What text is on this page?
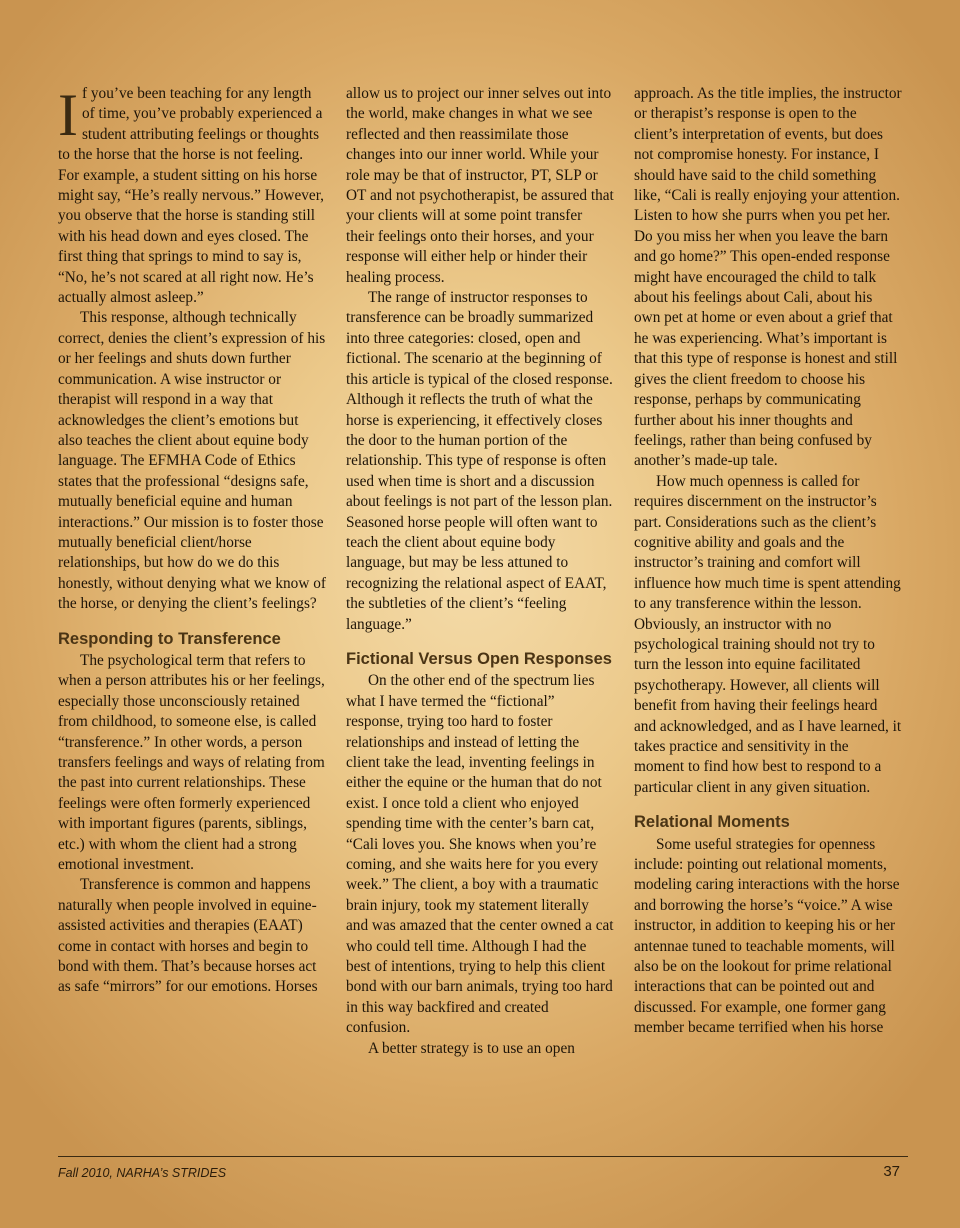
If you’ve been teaching for any length of time, you’ve probably experienced a student attributing feelings or thoughts to the horse that the horse is not feeling. For example, a student sitting on his horse might say, “He’s really nervous.” However, you observe that the horse is standing still with his head down and eyes closed. The first thing that springs to mind to say is, “No, he’s not scared at all right now. He’s actually almost asleep.”

This response, although technically correct, denies the client’s expression of his or her feelings and shuts down further communication. A wise instructor or therapist will respond in a way that acknowledges the client’s emotions but also teaches the client about equine body language. The EFMHA Code of Ethics states that the professional “designs safe, mutually beneficial equine and human interactions.” Our mission is to foster those mutually beneficial client/horse relationships, but how do we do this honestly, without denying what we know of the horse, or denying the client’s feelings?

Responding to Transference

The psychological term that refers to when a person attributes his or her feelings, especially those unconsciously retained from childhood, to someone else, is called “transference.” In other words, a person transfers feelings and ways of relating from the past into current relationships. These feelings were often formerly experienced with important figures (parents, siblings, etc.) with whom the client had a strong emotional investment.

Transference is common and happens naturally when people involved in equine-assisted activities and therapies (EAAT) come in contact with horses and begin to bond with them. That’s because horses act as safe “mirrors” for our emotions. Horses

allow us to project our inner selves out into the world, make changes in what we see reflected and then reassimilate those changes into our inner world. While your role may be that of instructor, PT, SLP or OT and not psychotherapist, be assured that your clients will at some point transfer their feelings onto their horses, and your response will either help or hinder their healing process.

The range of instructor responses to transference can be broadly summarized into three categories: closed, open and fictional. The scenario at the beginning of this article is typical of the closed response. Although it reflects the truth of what the horse is experiencing, it effectively closes the door to the human portion of the relationship. This type of response is often used when time is short and a discussion about feelings is not part of the lesson plan. Seasoned horse people will often want to teach the client about equine body language, but may be less attuned to recognizing the relational aspect of EAAT, the subtleties of the client’s “feeling language.”

Fictional Versus Open Responses

On the other end of the spectrum lies what I have termed the “fictional” response, trying too hard to foster relationships and instead of letting the client take the lead, inventing feelings in either the equine or the human that do not exist. I once told a client who enjoyed spending time with the center’s barn cat, “Cali loves you. She knows when you’re coming, and she waits here for you every week.” The client, a boy with a traumatic brain injury, took my statement literally and was amazed that the center owned a cat who could tell time. Although I had the best of intentions, trying to help this client bond with our barn animals, trying too hard in this way backfired and created confusion.

A better strategy is to use an open

approach. As the title implies, the instructor or therapist’s response is open to the client’s interpretation of events, but does not compromise honesty. For instance, I should have said to the child something like, “Cali is really enjoying your attention. Listen to how she purrs when you pet her. Do you miss her when you leave the barn and go home?” This open-ended response might have encouraged the child to talk about his feelings about Cali, about his own pet at home or even about a grief that he was experiencing. What’s important is that this type of response is honest and still gives the client freedom to choose his response, perhaps by communicating further about his inner thoughts and feelings, rather than being confused by another’s made-up tale.

How much openness is called for requires discernment on the instructor’s part. Considerations such as the client’s cognitive ability and goals and the instructor’s training and comfort will influence how much time is spent attending to any transference within the lesson. Obviously, an instructor with no psychological training should not try to turn the lesson into equine facilitated psychotherapy. However, all clients will benefit from having their feelings heard and acknowledged, and as I have learned, it takes practice and sensitivity in the moment to find how best to respond to a particular client in any given situation.

Relational Moments

Some useful strategies for openness include: pointing out relational moments, modeling caring interactions with the horse and borrowing the horse’s “voice.” A wise instructor, in addition to keeping his or her antennae tuned to teachable moments, will also be on the lookout for prime relational interactions that can be pointed out and discussed. For example, one former gang member became terrified when his horse

Fall 2010, NARHA’s STRIDES	37
